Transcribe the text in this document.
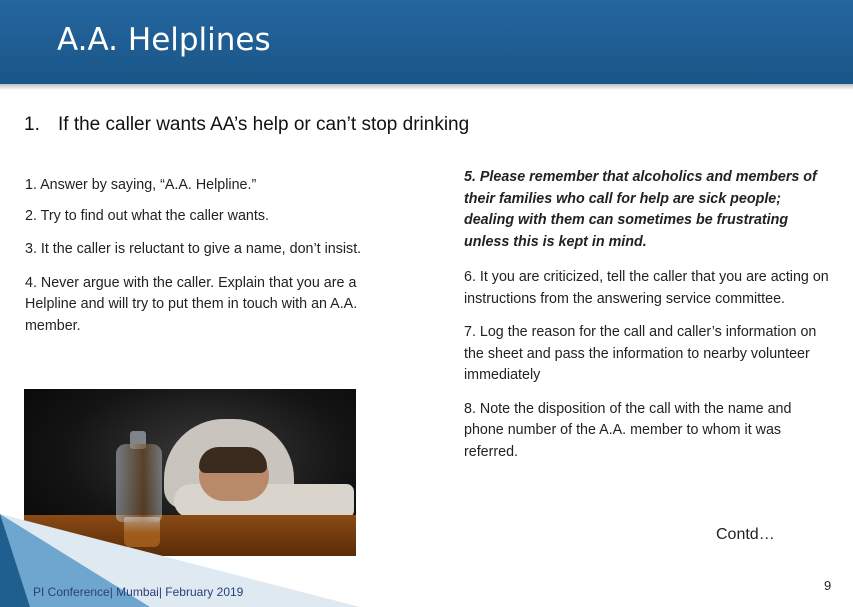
A.A. Helplines
1. If the caller wants AA’s help or can’t stop drinking

1. Answer by saying, “A.A. Helpline.”

2. Try to find out what the caller wants.

3. It the caller is reluctant to give a name, don’t insist.

4. Never argue with the caller. Explain that you are a Helpline and will try to put them in touch with an A.A. member.

5. Please remember that alcoholics and members of their families who call for help are sick people; dealing with them can sometimes be frustrating unless this is kept in mind.

6. It you are criticized, tell the caller that you are acting on instructions from the answering service committee.

7. Log the reason for the call and caller’s information on the sheet and pass the information to nearby volunteer immediately

8. Note the disposition of the call with the name and phone number of the A.A. member to whom it was referred.

Contd…
PI Conference| Mumbai| February 2019	9
